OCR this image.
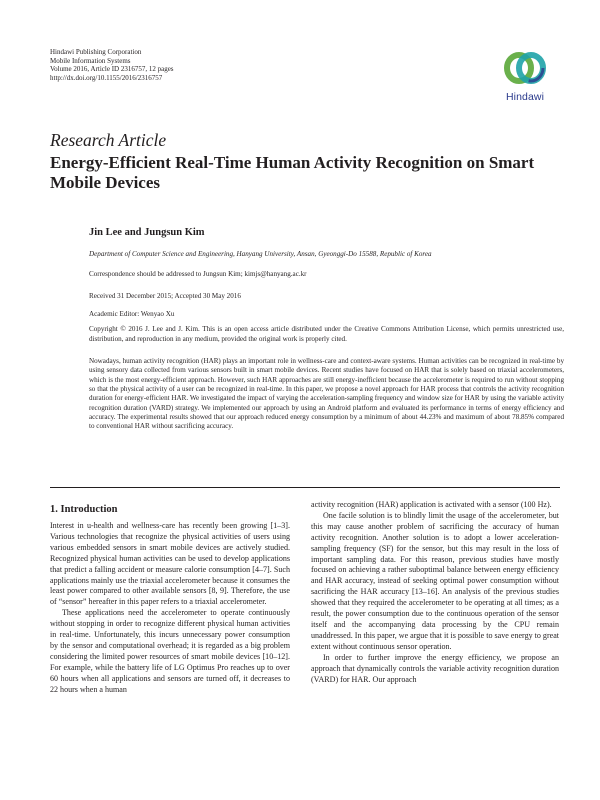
Hindawi Publishing Corporation
Mobile Information Systems
Volume 2016, Article ID 2316757, 12 pages
http://dx.doi.org/10.1155/2016/2316757
Hindawi
Research Article
Energy-Efficient Real-Time Human Activity Recognition on Smart Mobile Devices
Jin Lee and Jungsun Kim
Department of Computer Science and Engineering, Hanyang University, Ansan, Gyeonggi-Do 15588, Republic of Korea
Correspondence should be addressed to Jungsun Kim; kimjs@hanyang.ac.kr
Received 31 December 2015; Accepted 30 May 2016
Academic Editor: Wenyao Xu
Copyright © 2016 J. Lee and J. Kim. This is an open access article distributed under the Creative Commons Attribution License, which permits unrestricted use, distribution, and reproduction in any medium, provided the original work is properly cited.
Nowadays, human activity recognition (HAR) plays an important role in wellness-care and context-aware systems. Human activities can be recognized in real-time by using sensory data collected from various sensors built in smart mobile devices. Recent studies have focused on HAR that is solely based on triaxial accelerometers, which is the most energy-efficient approach. However, such HAR approaches are still energy-inefficient because the accelerometer is required to run without stopping so that the physical activity of a user can be recognized in real-time. In this paper, we propose a novel approach for HAR process that controls the activity recognition duration for energy-efficient HAR. We investigated the impact of varying the acceleration-sampling frequency and window size for HAR by using the variable activity recognition duration (VARD) strategy. We implemented our approach by using an Android platform and evaluated its performance in terms of energy efficiency and accuracy. The experimental results showed that our approach reduced energy consumption by a minimum of about 44.23% and maximum of about 78.85% compared to conventional HAR without sacrificing accuracy.
1. Introduction

Interest in u-health and wellness-care has recently been growing [1–3]. Various technologies that recognize the physical activities of users using various embedded sensors in smart mobile devices are actively studied. Recognized physical human activities can be used to develop applications that predict a falling accident or measure calorie consumption [4–7]. Such applications mainly use the triaxial accelerometer because it consumes the least power compared to other available sensors [8, 9]. Therefore, the use of “sensor” hereafter in this paper refers to a triaxial accelerometer.

These applications need the accelerometer to operate continuously without stopping in order to recognize different physical human activities in real-time. Unfortunately, this incurs unnecessary power consumption by the sensor and computational overhead; it is regarded as a big problem considering the limited power resources of smart mobile devices [10–12]. For example, while the battery life of LG Optimus Pro reaches up to over 60 hours when all applications and sensors are turned off, it decreases to 22 hours when a human

activity recognition (HAR) application is activated with a sensor (100 Hz).

One facile solution is to blindly limit the usage of the accelerometer, but this may cause another problem of sacrificing the accuracy of human activity recognition. Another solution is to adopt a lower acceleration-sampling frequency (SF) for the sensor, but this may result in the loss of important sampling data. For this reason, previous studies have mostly focused on achieving a rather suboptimal balance between energy efficiency and HAR accuracy, instead of seeking optimal power consumption without sacrificing the HAR accuracy [13–16]. An analysis of the previous studies showed that they required the accelerometer to be operating at all times; as a result, the power consumption due to the continuous operation of the sensor itself and the accompanying data processing by the CPU remain unaddressed. In this paper, we argue that it is possible to save energy to great extent without continuous sensor operation.

In order to further improve the energy efficiency, we propose an approach that dynamically controls the variable activity recognition duration (VARD) for HAR. Our approach
